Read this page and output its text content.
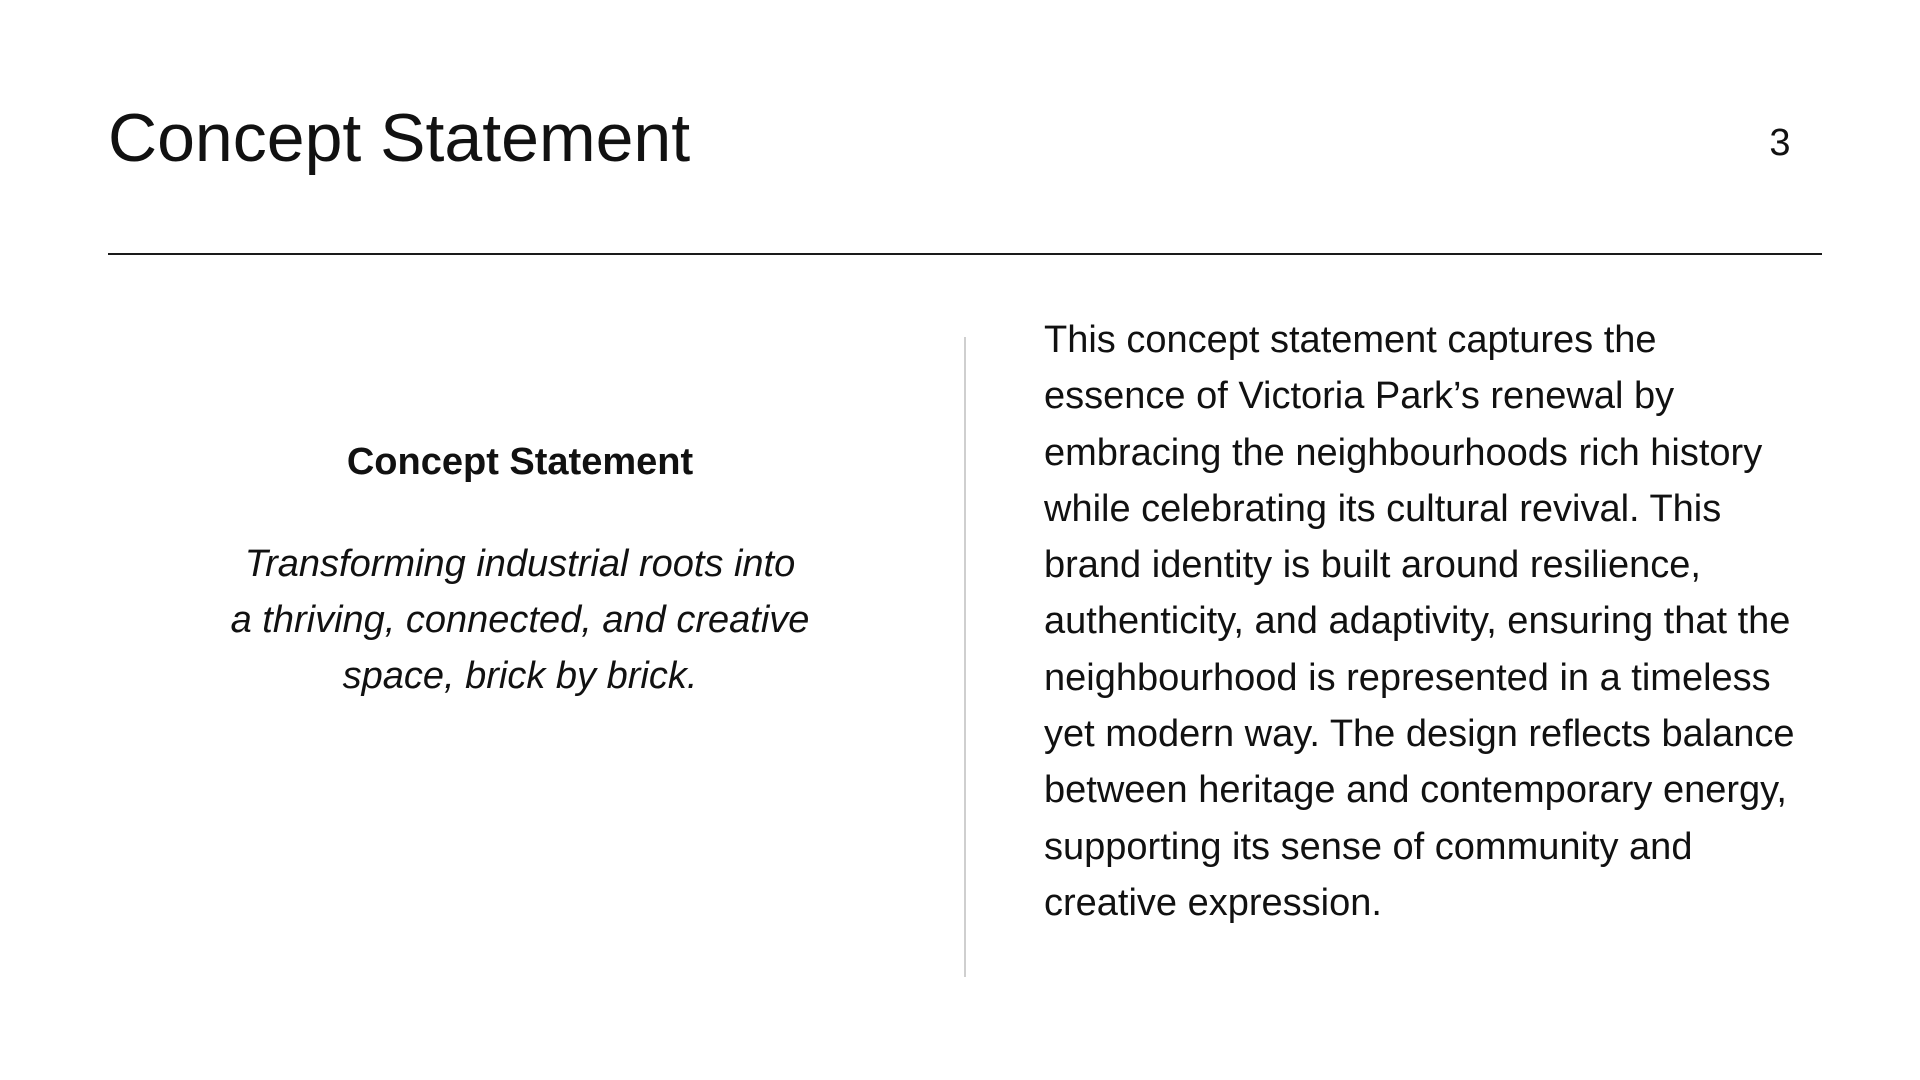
Concept Statement	3
Concept Statement

Transforming industrial roots into a thriving, connected, and creative space, brick by brick.

This concept statement captures the essence of Victoria Park’s renewal by embracing the neighbourhoods rich history while celebrating its cultural revival. This brand identity is built around resilience, authenticity, and adaptivity, ensuring that the neighbourhood is represented in a timeless yet modern way. The design reflects balance between heritage and contemporary energy, supporting its sense of community and creative expression.
